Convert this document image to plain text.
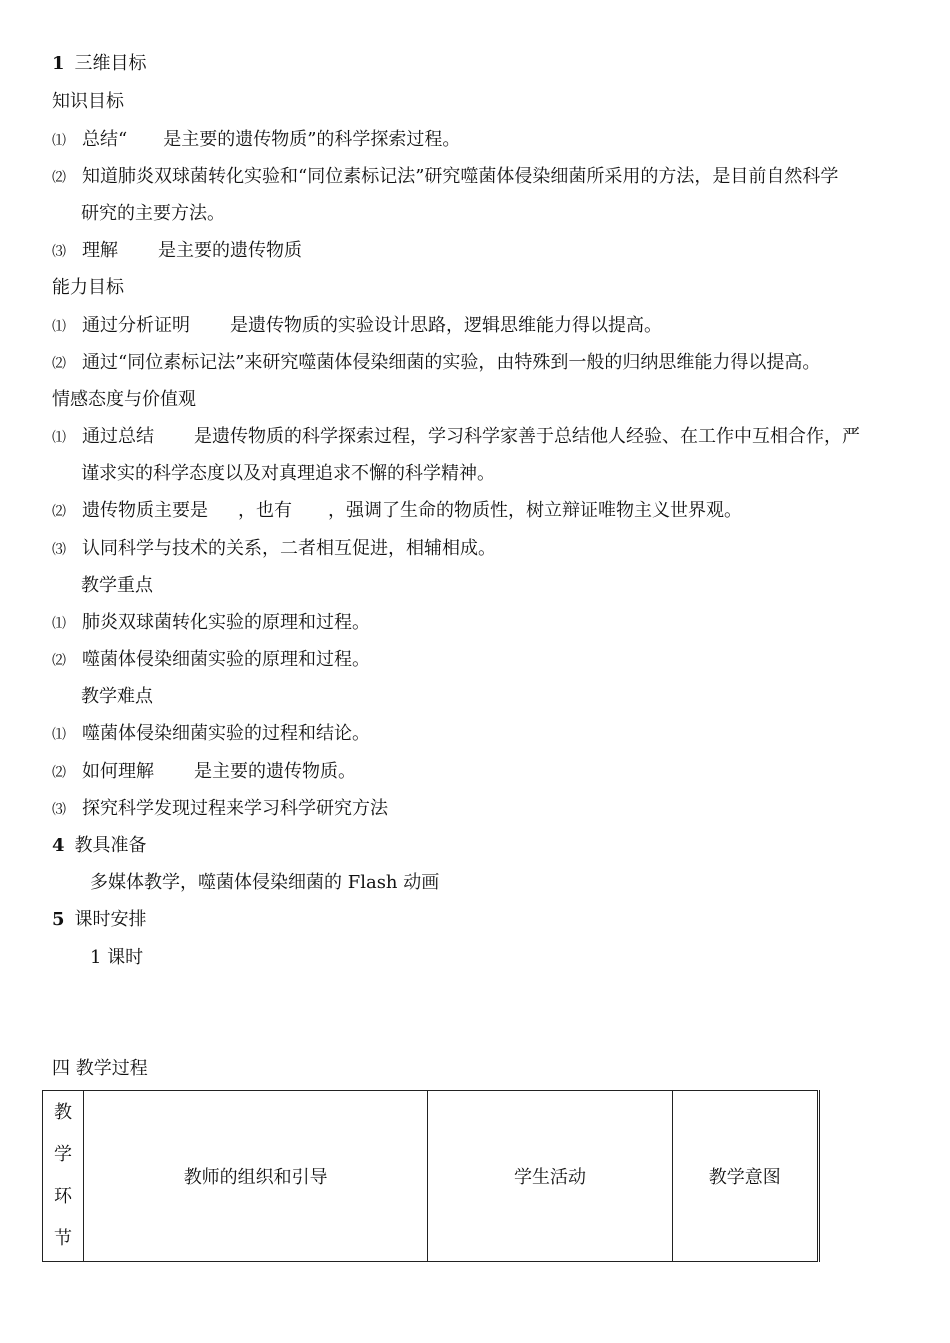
1 三维目标
知识目标
⑴ 总结“ 是主要的遗传物质”的科学探索过程。
⑵ 知道肺炎双球菌转化实验和“同位素标记法”研究噬菌体侵染细菌所采用的方法，是目前自然科学
研究的主要方法。
⑶ 理解 是主要的遗传物质
能力目标
⑴ 通过分析证明 是遗传物质的实验设计思路，逻辑思维能力得以提高。
⑵ 通过“同位素标记法”来研究噬菌体侵染细菌的实验，由特殊到一般的归纳思维能力得以提高。
情感态度与价值观
⑴ 通过总结 是遗传物质的科学探索过程，学习科学家善于总结他人经验、在工作中互相合作，严
谨求实的科学态度以及对真理追求不懈的科学精神。
⑵ 遗传物质主要是 ，也有 ，强调了生命的物质性，树立辩证唯物主义世界观。
⑶ 认同科学与技术的关系，二者相互促进，相辅相成。
教学重点
⑴ 肺炎双球菌转化实验的原理和过程。
⑵ 噬菌体侵染细菌实验的原理和过程。
教学难点
⑴ 噬菌体侵染细菌实验的过程和结论。
⑵ 如何理解 是主要的遗传物质。
⑶ 探究科学发现过程来学习科学研究方法
4 教具准备
多媒体教学，噬菌体侵染细菌的 Flash 动画
5 课时安排
1 课时
四 教学过程
教
学
环
节
	教师的组织和引导	学生活动	教学意图
